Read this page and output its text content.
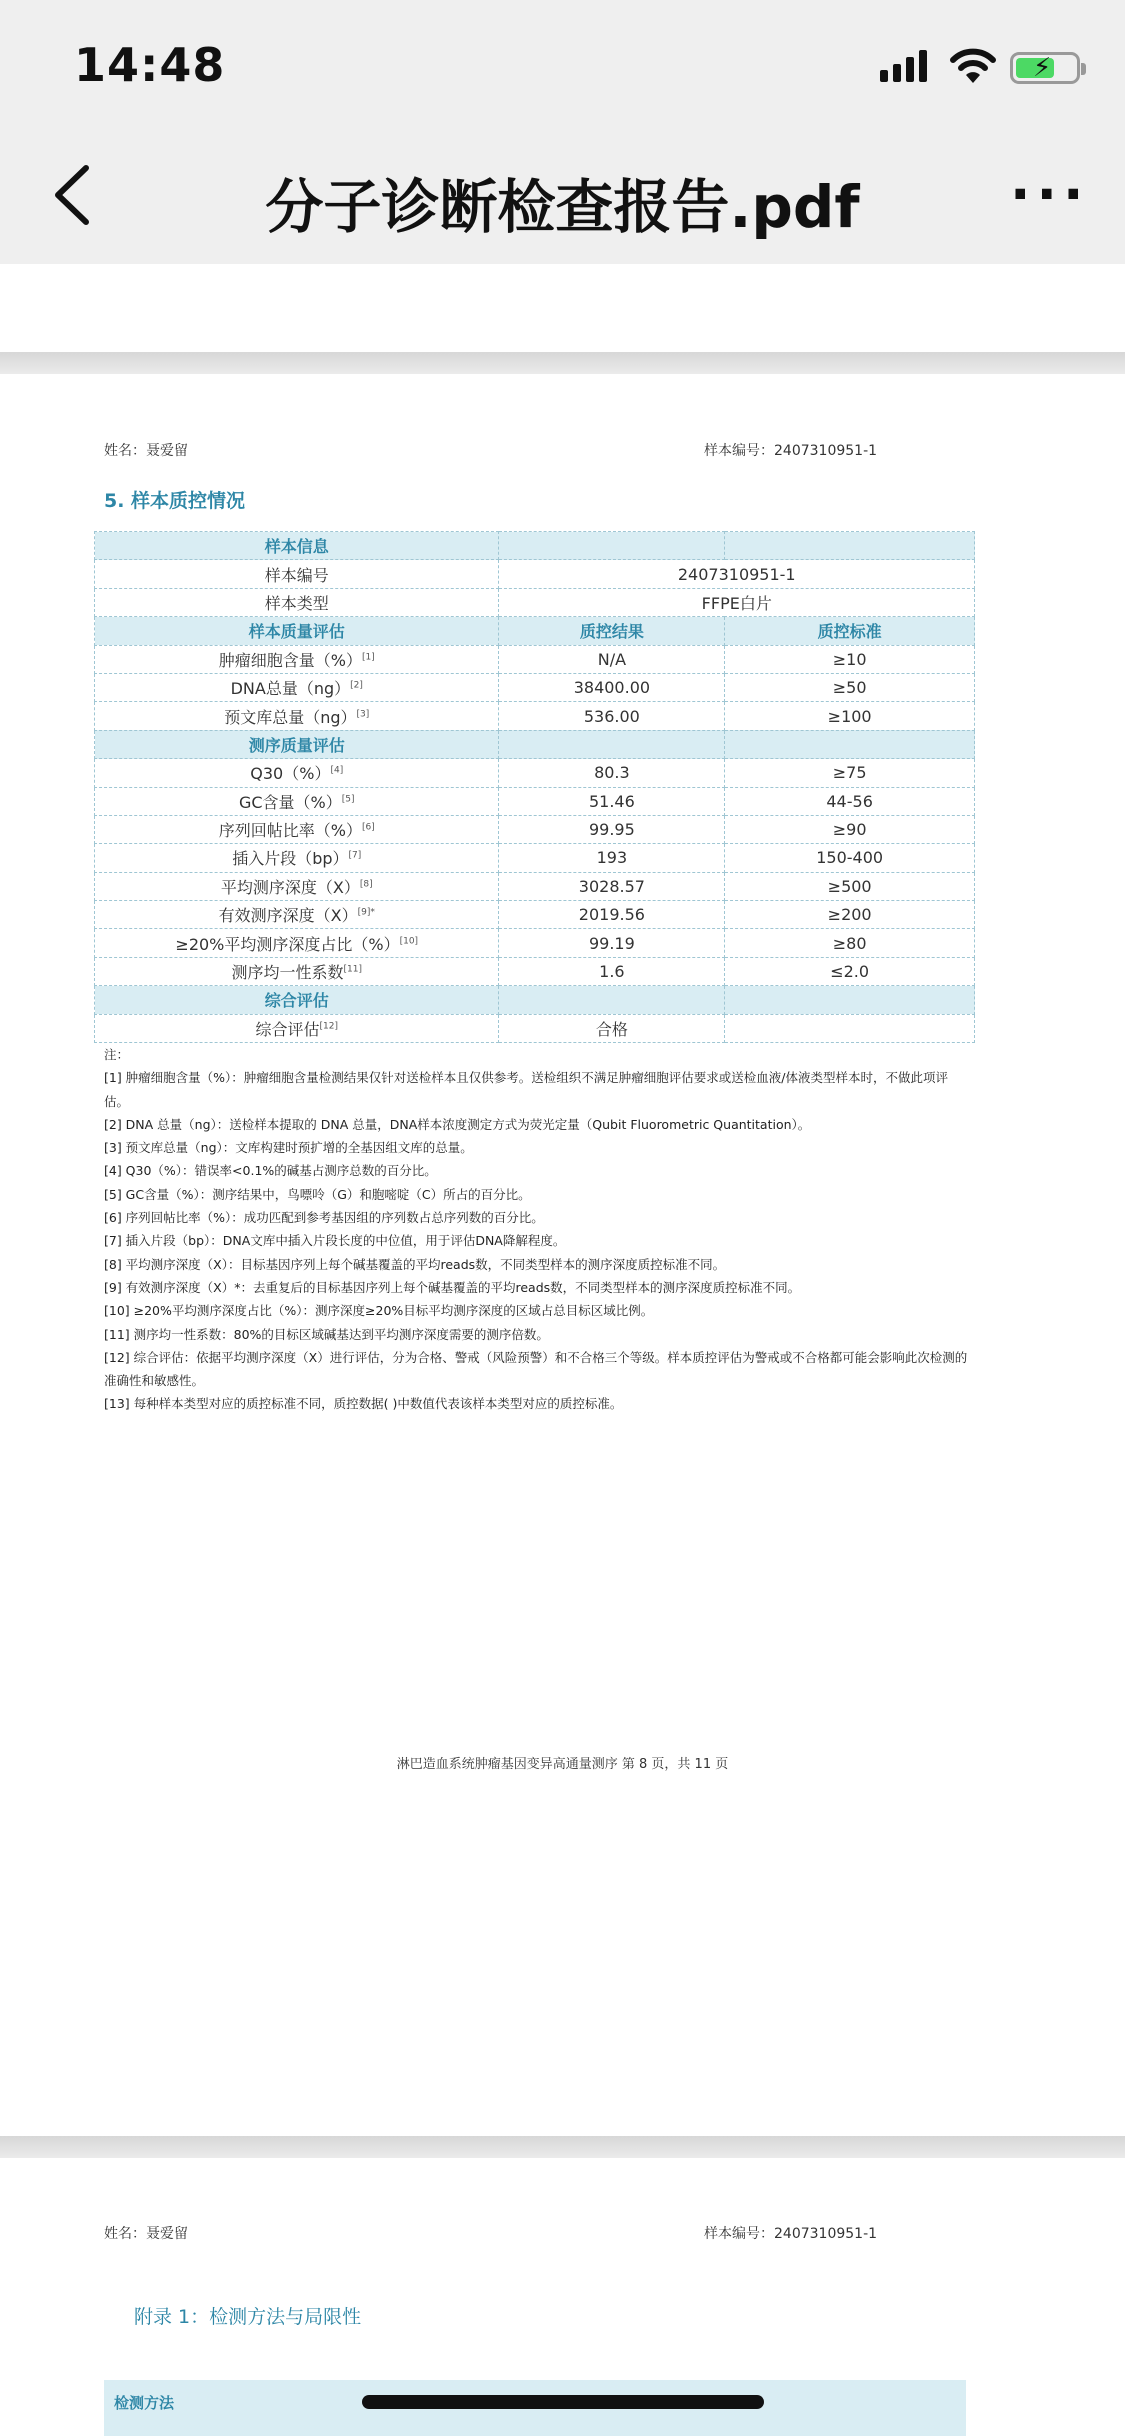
14:48	⚡
分子诊断检查报告.pdf	···
姓名：聂爱留	样本编号：2407310951-1
5. 样本质控情况
样本信息		
样本编号	2407310951-1	
样本类型	FFPE白片	
样本质量评估	质控结果	质控标准
肿瘤细胞含量（%）[1]	N/A	≥10
DNA总量（ng）[2]	38400.00	≥50
预文库总量（ng）[3]	536.00	≥100
测序质量评估		
Q30（%）[4]	80.3	≥75
GC含量（%）[5]	51.46	44-56
序列回帖比率（%）[6]	99.95	≥90
插入片段（bp）[7]	193	150-400
平均测序深度（X）[8]	3028.57	≥500
有效测序深度$(X)^{[9]*}$	2019.56	≥200
≥20%平均测序深度占比（%）[10]	99.19	≥80
测序均一性系数[11]	1.6	≤2.0
综合评估		
综合评估[12]	合格	

注：

[1] 肿瘤细胞含量（%）：肿瘤细胞含量检测结果仅针对送检样本且仅供参考。送检组织不满足肿瘤细胞评估要求或送检血液/体液类型样本时，不做此项评估。

[2] DNA 总量（ng）：送检样本提取的 DNA 总量，DNA样本浓度测定方式为荧光定量（Qubit Fluorometric Quantitation）。

[3] 预文库总量（ng）：文库构建时预扩增的全基因组文库的总量。

[4] Q30（%）：错误率<0.1%的碱基占测序总数的百分比。

[5] GC含量（%）：测序结果中，鸟嘌呤（G）和胞嘧啶（C）所占的百分比。

[6] 序列回帖比率（%）：成功匹配到参考基因组的序列数占总序列数的百分比。

[7] 插入片段（bp）：DNA文库中插入片段长度的中位值，用于评估DNA降解程度。

[8] 平均测序深度（X）：目标基因序列上每个碱基覆盖的平均reads数，不同类型样本的测序深度质控标准不同。

[9] 有效测序深度（X）*：去重复后的目标基因序列上每个碱基覆盖的平均reads数，不同类型样本的测序深度质控标准不同。

[10] ≥20%平均测序深度占比（%）：测序深度≥20%目标平均测序深度的区域占总目标区域比例。

[11] 测序均一性系数：80%的目标区域碱基达到平均测序深度需要的测序倍数。

[12] 综合评估：依据平均测序深度（X）进行评估，分为合格、警戒（风险预警）和不合格三个等级。样本质控评估为警戒或不合格都可能会影响此次检测的准确性和敏感性。

[13] 每种样本类型对应的质控标准不同，质控数据( )中数值代表该样本类型对应的质控标准。

淋巴造血系统肿瘤基因变异高通量测序 第 8 页，共 11 页
姓名：聂爱留	样本编号：2407310951-1
附录 1：检测方法与局限性
检测方法
